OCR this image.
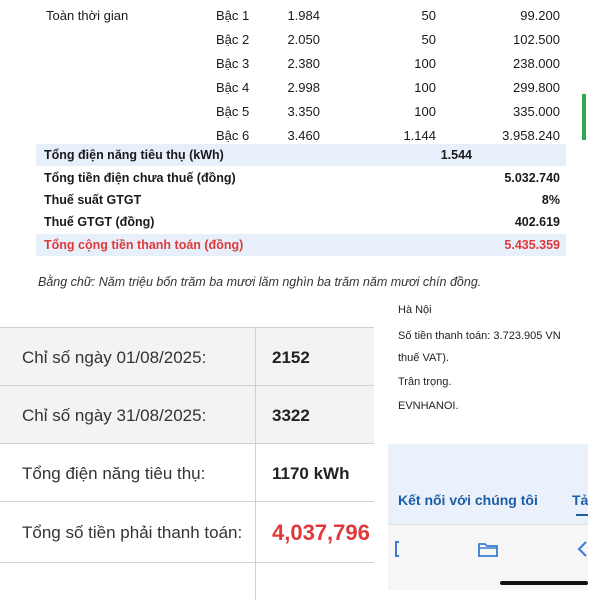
Toàn thời gian	Bậc 1	1.984	50	99.200
Bậc 2	2.050	50	102.500
Bậc 3	2.380	100	238.000
Bậc 4	2.998	100	299.800
Bậc 5	3.350	100	335.000
Bậc 6	3.460	1.144	3.958.240
Tổng điện năng tiêu thụ (kWh)	1.544
Tổng tiền điện chưa thuế (đồng)	5.032.740
Thuế suất GTGT	8%
Thuế GTGT (đồng)	402.619
Tổng cộng tiền thanh toán (đồng)	5.435.359
Bằng chữ: Năm triệu bốn trăm ba mươi lăm nghìn ba trăm năm mươi chín đồng.
Chỉ số ngày 01/08/2025:	2152
Chỉ số ngày 31/08/2025:	3322
Tổng điện năng tiêu thụ:	1170 kWh
Tổng số tiền phải thanh toán: 4,037,796
Hà Nội
Số tiền thanh toán: 3.723.905 VN
thuế VAT).
Trân trọng.
EVNHANOI.
Kết nối với chúng tôi Tả
